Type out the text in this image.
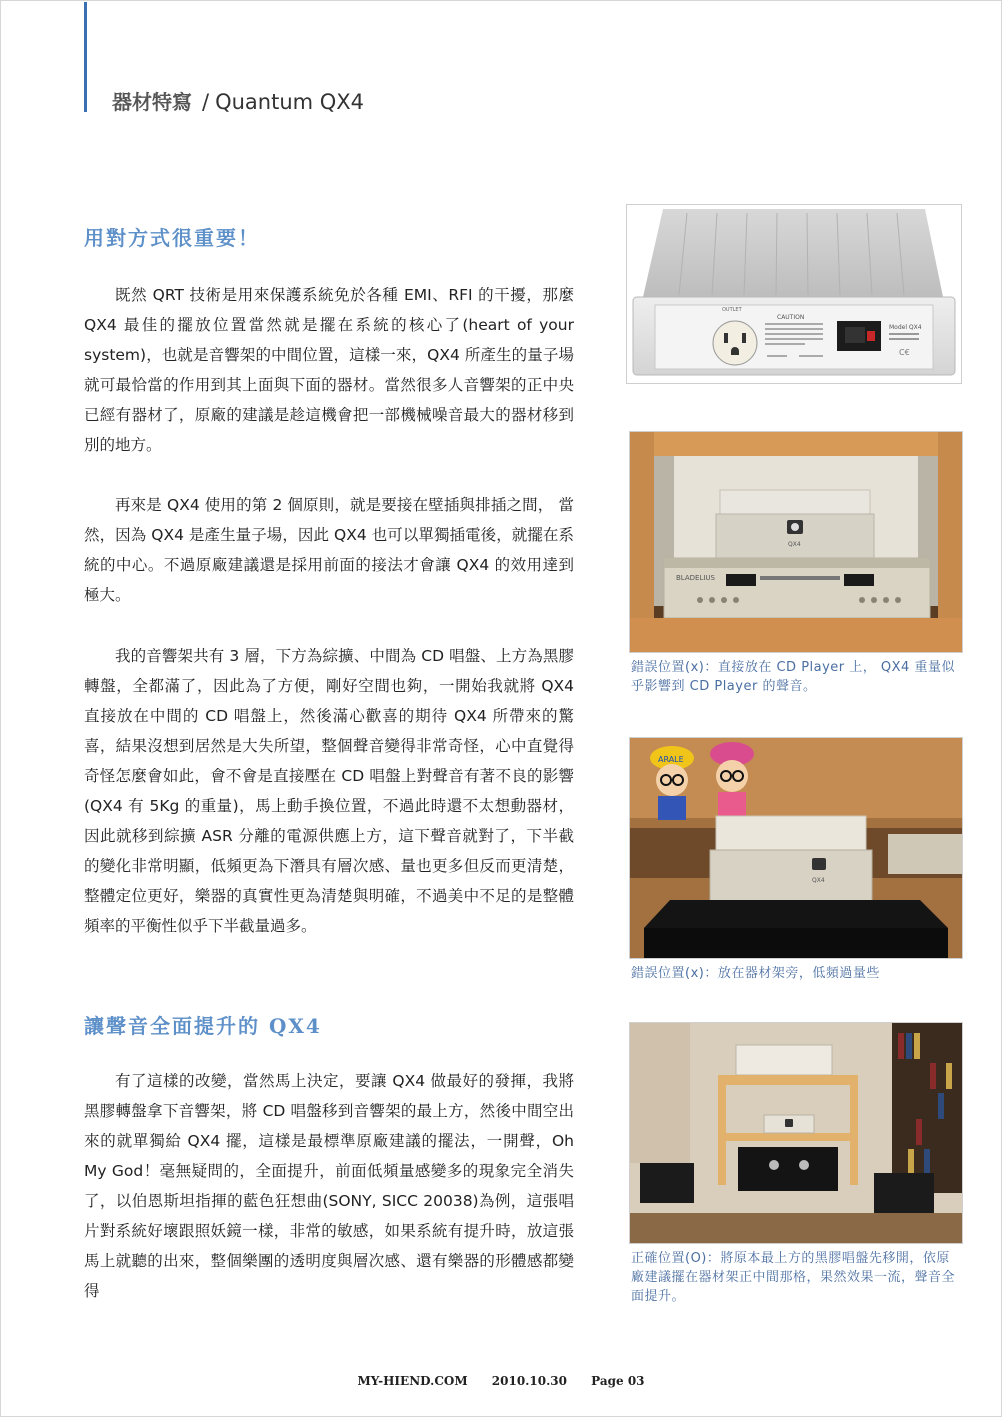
器材特寫 / Quantum QX4
用對方式很重要！

既然 QRT 技術是用來保護系統免於各種 EMI、RFI 的干擾，那麼 QX4 最佳的擺放位置當然就是擺在系統的核心了(heart of your system)，也就是音響架的中間位置，這樣一來，QX4 所產生的量子場就可最恰當的作用到其上面與下面的器材。當然很多人音響架的正中央已經有器材了，原廠的建議是趁這機會把一部機械噪音最大的器材移到別的地方。

再來是 QX4 使用的第 2 個原則，就是要接在壁插與排插之間， 當然，因為 QX4 是產生量子場，因此 QX4 也可以單獨插電後，就擺在系統的中心。不過原廠建議還是採用前面的接法才會讓 QX4 的效用達到極大。

我的音響架共有 3 層，下方為綜擴、中間為 CD 唱盤、上方為黑膠轉盤，全都滿了，因此為了方便，剛好空間也夠，一開始我就將 QX4 直接放在中間的 CD 唱盤上，然後滿心歡喜的期待 QX4 所帶來的驚喜，結果沒想到居然是大失所望，整個聲音變得非常奇怪，心中直覺得奇怪怎麼會如此，會不會是直接壓在 CD 唱盤上對聲音有著不良的影響(QX4 有 5Kg 的重量)，馬上動手換位置，不過此時還不太想動器材，因此就移到綜擴 ASR 分離的電源供應上方，這下聲音就對了，下半截的變化非常明顯，低頻更為下潛具有層次感、量也更多但反而更清楚，整體定位更好，樂器的真實性更為清楚與明確，不過美中不足的是整體頻率的平衡性似乎下半截量過多。

讓聲音全面提升的 QX4

有了這樣的改變，當然馬上決定，要讓 QX4 做最好的發揮，我將黑膠轉盤拿下音響架，將 CD 唱盤移到音響架的最上方，然後中間空出來的就單獨給 QX4 擺，這樣是最標準原廠建議的擺法，一開聲，Oh My God！毫無疑問的，全面提升，前面低頻量感變多的現象完全消失了，以伯恩斯坦指揮的藍色狂想曲(SONY, SICC 20038)為例，這張唱片對系統好壞跟照妖鏡一樣，非常的敏感，如果系統有提升時，放這張馬上就聽的出來，整個樂團的透明度與層次感、還有樂器的形體感都變得

OUTLET
CAUTION
Model QX4
C€
QX4
BLADELIUS

錯誤位置(x)：直接放在 CD Player 上， QX4 重量似乎影響到 CD Player 的聲音。

ARALE
QX4

錯誤位置(x)：放在器材架旁，低頻過量些

正確位置(O)：將原本最上方的黑膠唱盤先移開，依原廠建議擺在器材架正中間那格，果然效果一流，聲音全面提升。

MY-HIEND.COM 2010.10.30 Page 03
